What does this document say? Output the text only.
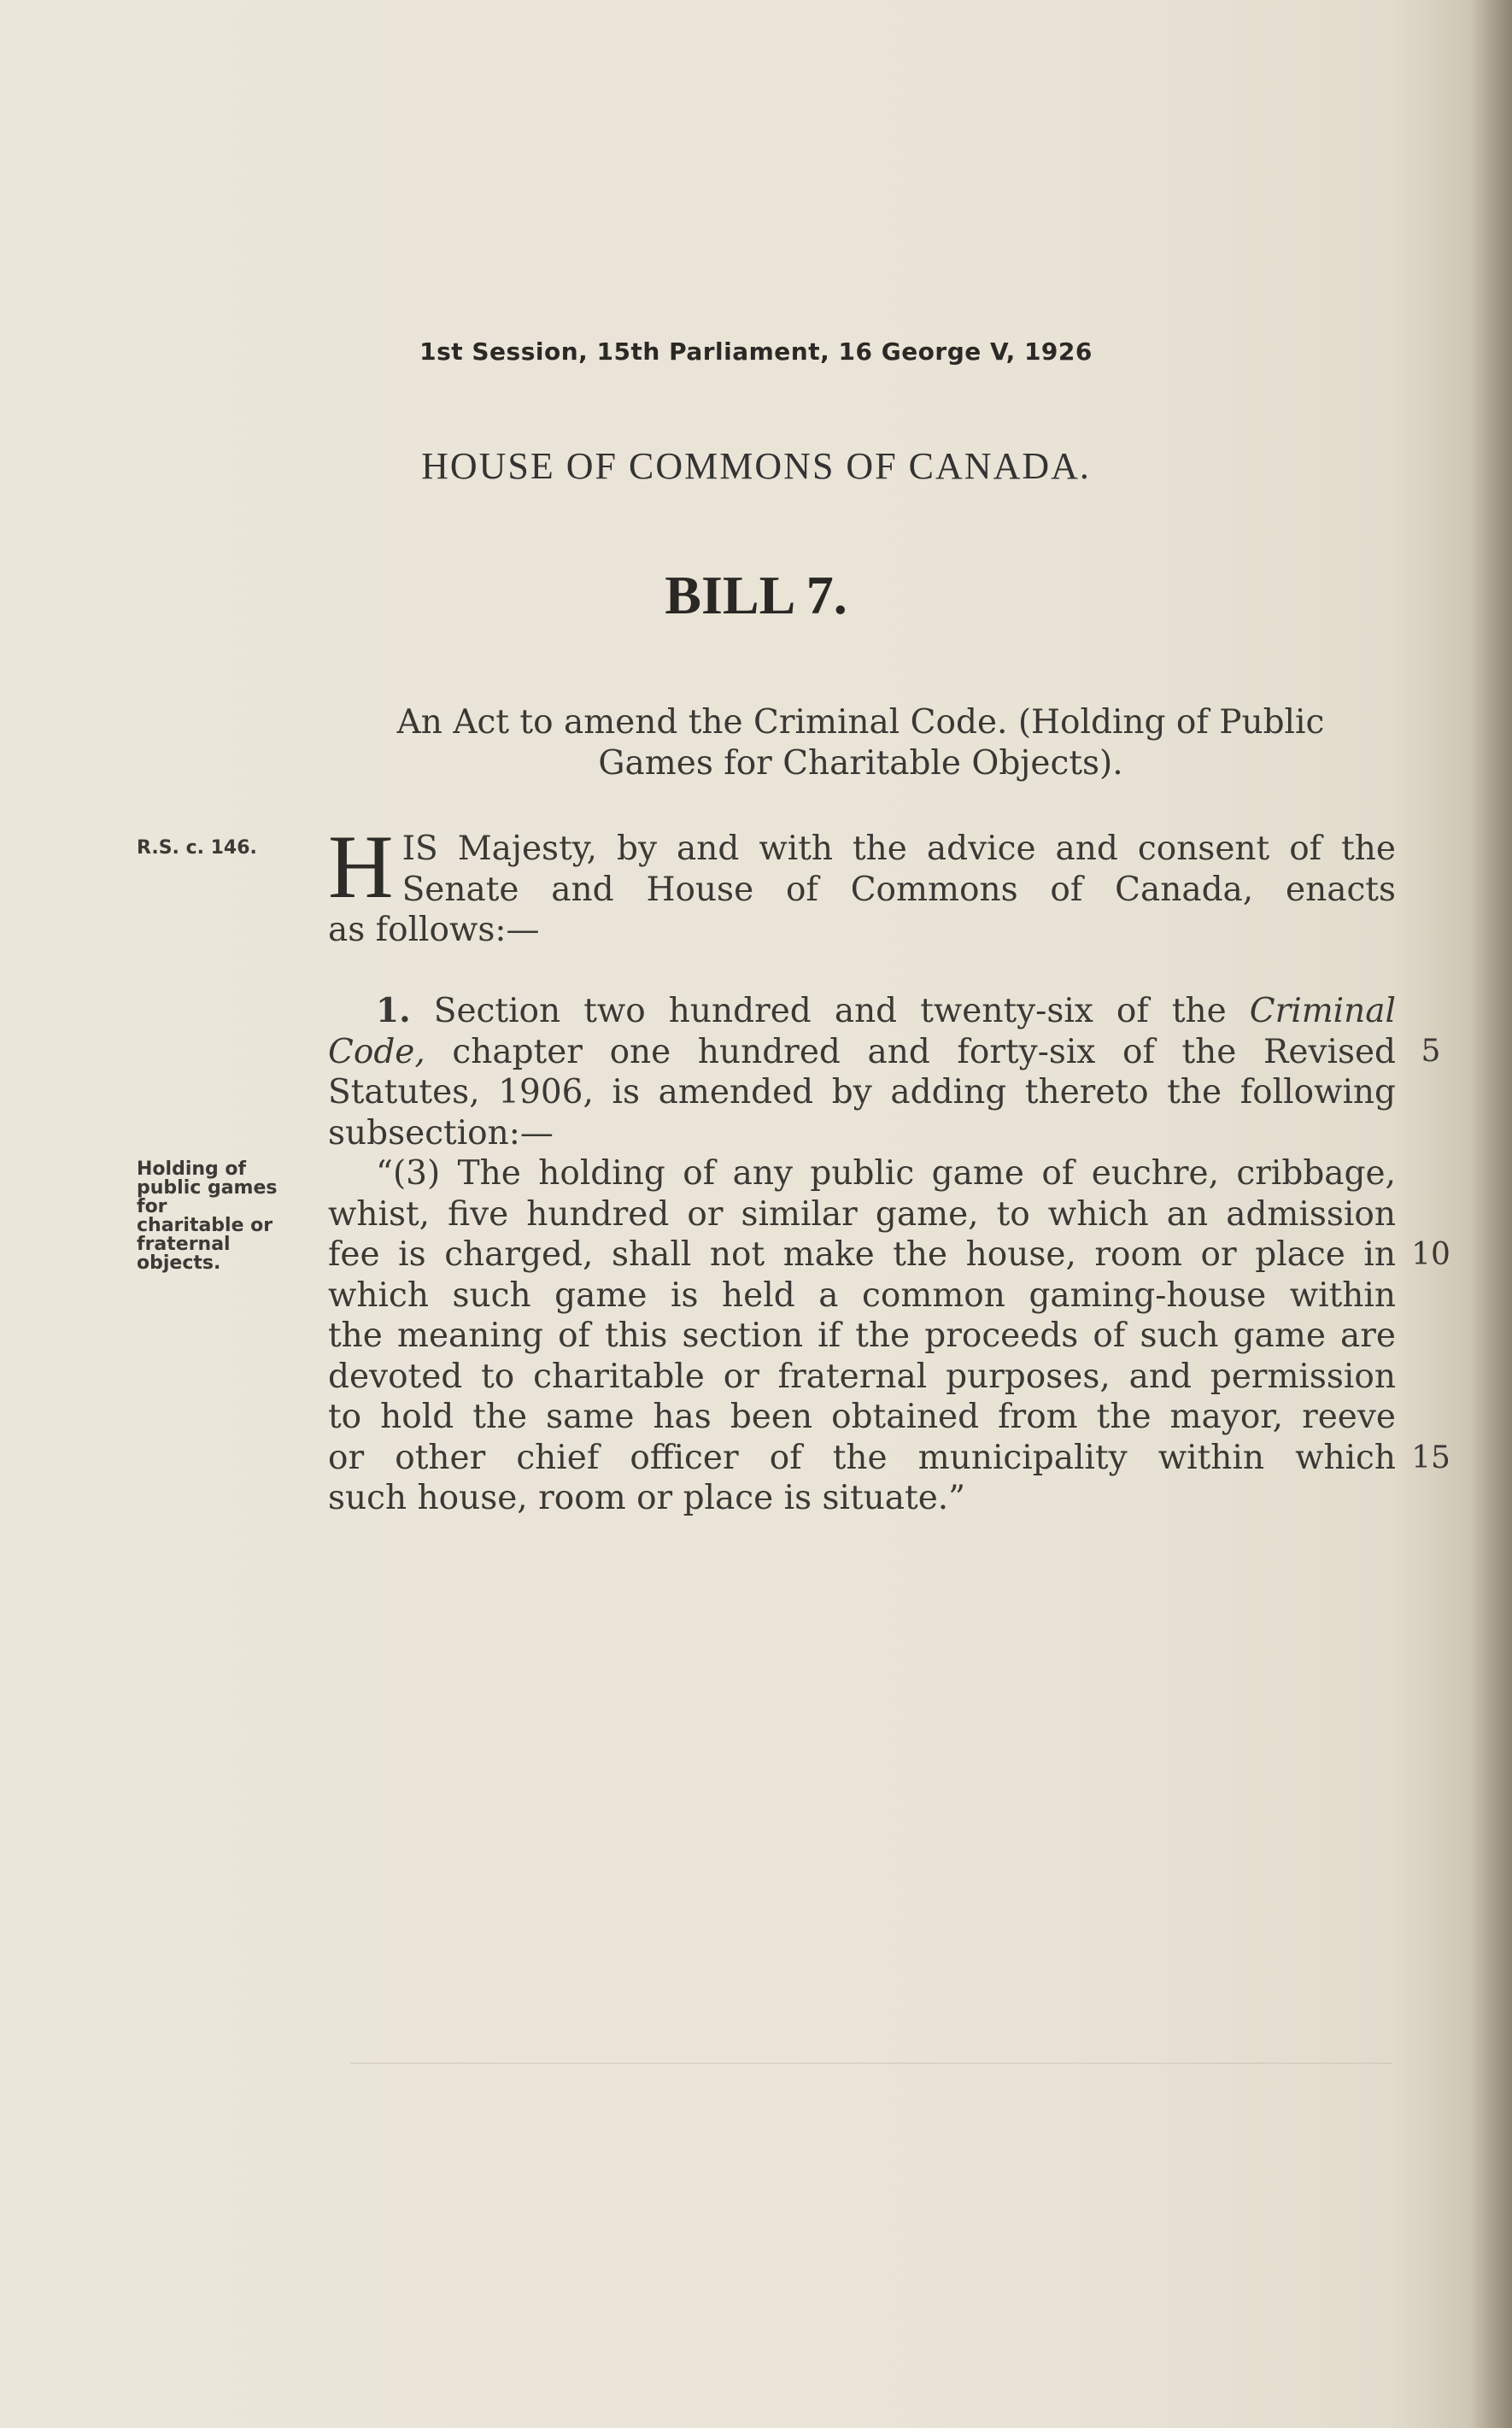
1st Session, 15th Parliament, 16 George V, 1926
HOUSE OF COMMONS OF CANADA.
BILL 7.
An Act to amend the Criminal Code. (Holding of Public
Games for Charitable Objects).
R.S. c. 146.
Holding of
public games
for
charitable or
fraternal
objects.
H IS Majesty, by and with the advice and consent of the
Senate and House of Commons of Canada, enacts
as follows:—
1. Section two hundred and twenty-six of the Criminal
Code, chapter one hundred and forty-six of the Revised
Statutes, 1906, is amended by adding thereto the following
subsection:—
“(3) The holding of any public game of euchre, cribbage,
whist, five hundred or similar game, to which an admission
fee is charged, shall not make the house, room or place in
which such game is held a common gaming-house within
the meaning of this section if the proceeds of such game are
devoted to charitable or fraternal purposes, and permission
to hold the same has been obtained from the mayor, reeve
or other chief officer of the municipality within which
such house, room or place is situate.”
5
10
15
